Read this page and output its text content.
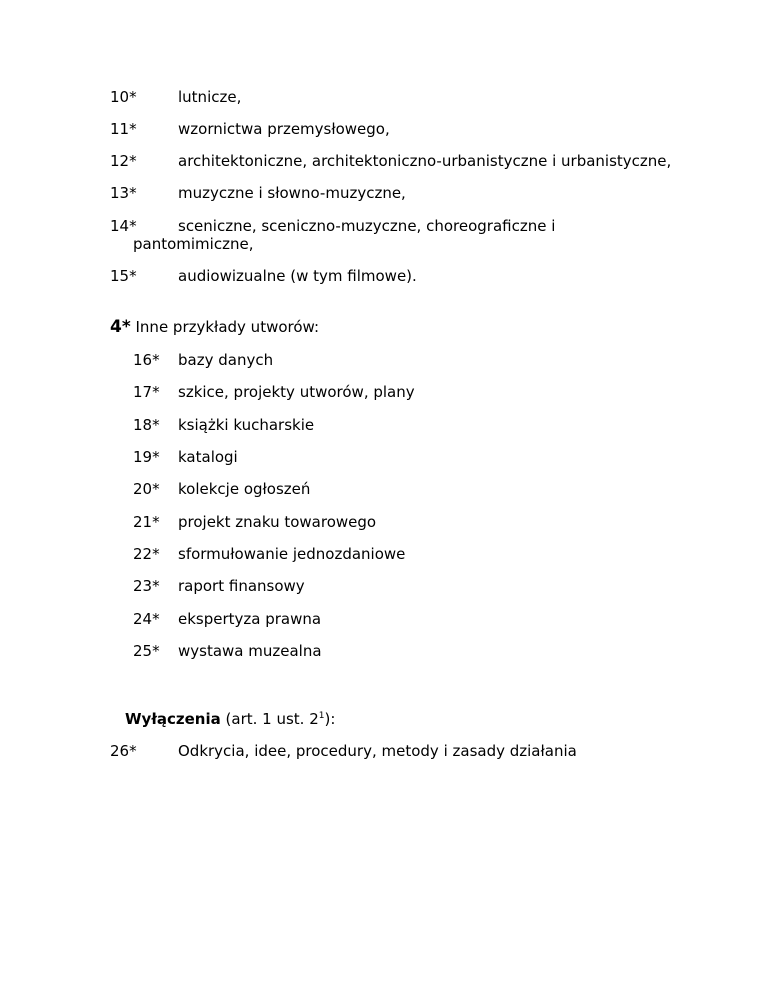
10*	lutnicze,
11*	wzornictwa przemysłowego,
12*	architektoniczne, architektoniczno-urbanistyczne i urbanistyczne,
13*	muzyczne i słowno-muzyczne,
14*	sceniczne, sceniczno-muzyczne, choreograficzne i
pantomimiczne,
15*	audiowizualne (w tym filmowe).
4* Inne przykłady utworów:
16* bazy danych
17* szkice, projekty utworów, plany
18* książki kucharskie
19* katalogi
20* kolekcje ogłoszeń
21* projekt znaku towarowego
22* sformułowanie jednozdaniowe
23* raport finansowy
24* ekspertyza prawna
25* wystawa muzealna
Wyłączenia (art. 1 ust. $2^1$):
26*	Odkrycia, idee, procedury, metody i zasady działania
